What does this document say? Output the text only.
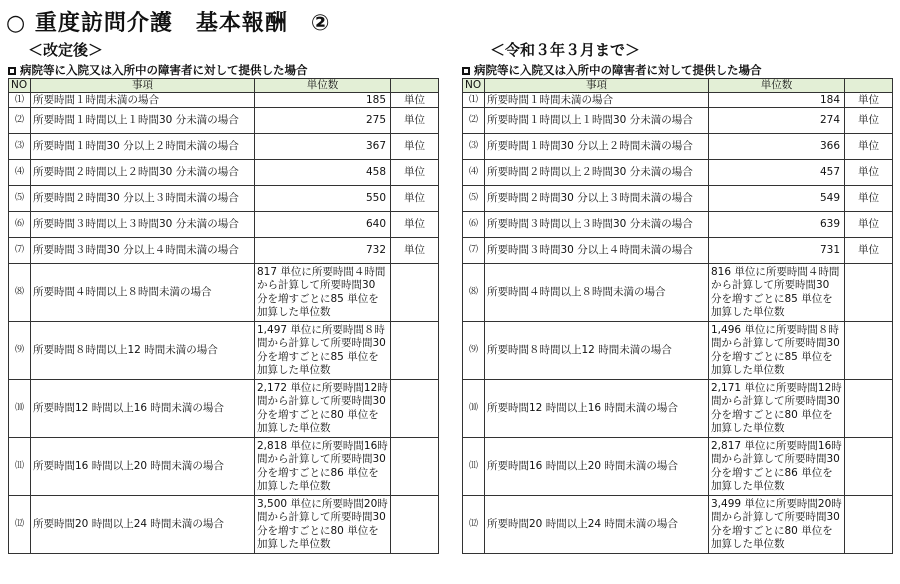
○ 重度訪問介護　基本報酬　②
＜改定後＞
病院等に入院又は入所中の障害者に対して提供した場合
NO	事項	単位数	
⑴	所要時間１時間未満の場合	185	単位
⑵	所要時間１時間以上１時間30 分未満の場合	275	単位
⑶	所要時間１時間30 分以上２時間未満の場合	367	単位
⑷	所要時間２時間以上２時間30 分未満の場合	458	単位
⑸	所要時間２時間30 分以上３時間未満の場合	550	単位
⑹	所要時間３時間以上３時間30 分未満の場合	640	単位
⑺	所要時間３時間30 分以上４時間未満の場合	732	単位
⑻	所要時間４時間以上８時間未満の場合	817 単位に所要時間４時間から計算して所要時間30 分を増すごとに85 単位を加算した単位数	
⑼	所要時間８時間以上12 時間未満の場合	1,497 単位に所要時間８時間から計算して所要時間30 分を増すごとに85 単位を加算した単位数	
⑽	所要時間12 時間以上16 時間未満の場合	2,172 単位に所要時間12時間から計算して所要時間30 分を増すごとに80 単位を加算した単位数	
⑾	所要時間16 時間以上20 時間未満の場合	2,818 単位に所要時間16時間から計算して所要時間30 分を増すごとに86 単位を加算した単位数	
⑿	所要時間20 時間以上24 時間未満の場合	3,500 単位に所要時間20時間から計算して所要時間30 分を増すごとに80 単位を加算した単位数	
＜令和３年３月まで＞
病院等に入院又は入所中の障害者に対して提供した場合
NO	事項	単位数	
⑴	所要時間１時間未満の場合	184	単位
⑵	所要時間１時間以上１時間30 分未満の場合	274	単位
⑶	所要時間１時間30 分以上２時間未満の場合	366	単位
⑷	所要時間２時間以上２時間30 分未満の場合	457	単位
⑸	所要時間２時間30 分以上３時間未満の場合	549	単位
⑹	所要時間３時間以上３時間30 分未満の場合	639	単位
⑺	所要時間３時間30 分以上４時間未満の場合	731	単位
⑻	所要時間４時間以上８時間未満の場合	816 単位に所要時間４時間から計算して所要時間30 分を増すごとに85 単位を加算した単位数	
⑼	所要時間８時間以上12 時間未満の場合	1,496 単位に所要時間８時間から計算して所要時間30 分を増すごとに85 単位を加算した単位数	
⑽	所要時間12 時間以上16 時間未満の場合	2,171 単位に所要時間12時間から計算して所要時間30 分を増すごとに80 単位を加算した単位数	
⑾	所要時間16 時間以上20 時間未満の場合	2,817 単位に所要時間16時間から計算して所要時間30 分を増すごとに86 単位を加算した単位数	
⑿	所要時間20 時間以上24 時間未満の場合	3,499 単位に所要時間20時間から計算して所要時間30 分を増すごとに80 単位を加算した単位数	
